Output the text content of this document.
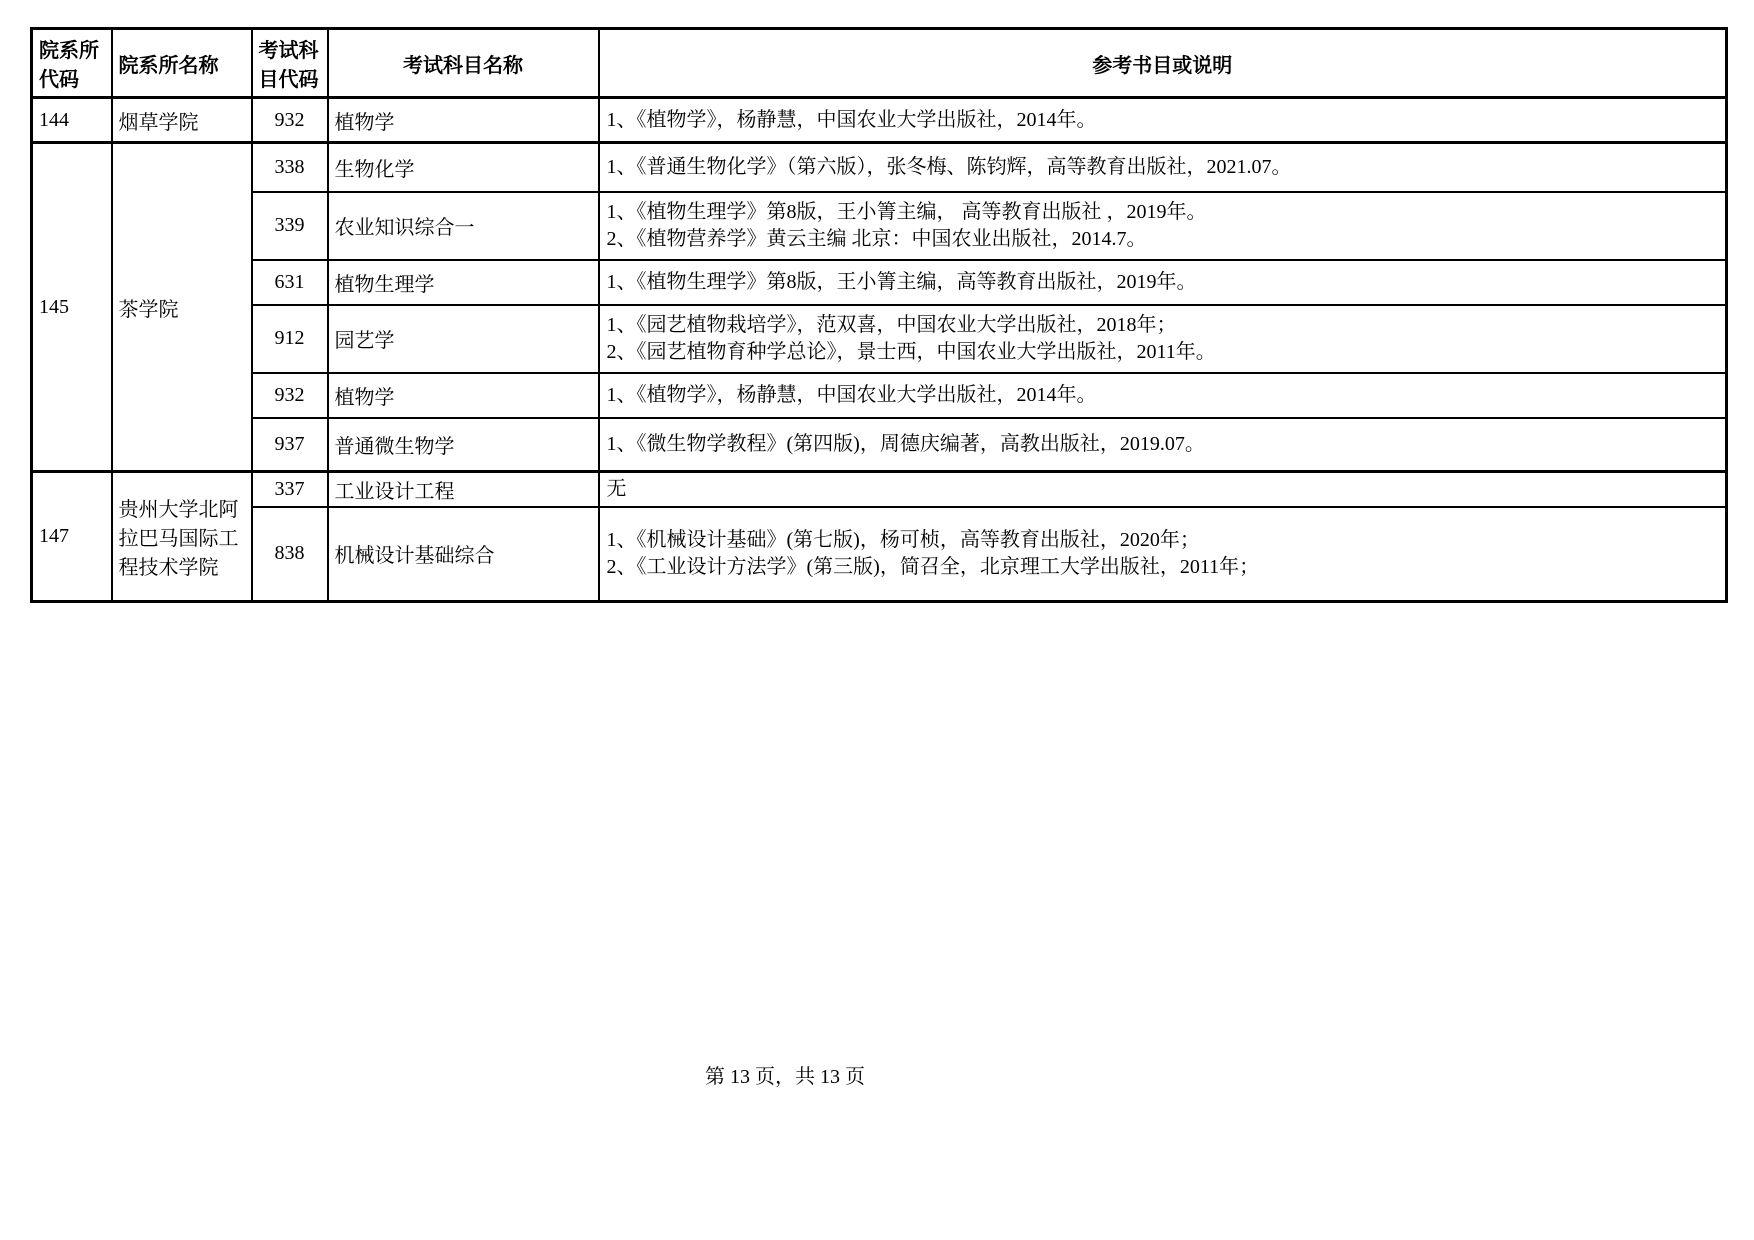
院系所代码	院系所名称	考试科目代码	考试科目名称	参考书目或说明
144	烟草学院	932	植物学	1、《植物学》，杨静慧，中国农业大学出版社，2014年。

145	茶学院	338	生物化学	1、《普通生物化学》（第六版），张冬梅、陈钧辉，高等教育出版社，2021.07。

		339	农业知识综合一	1、《植物生理学》第8版，王小箐主编， 高等教育出版社 ，2019年。
2、《植物营养学》黄云主编 北京：中国农业出版社，2014.7。

		631	植物生理学	1、《植物生理学》第8版，王小箐主编，高等教育出版社，2019年。

		912	园艺学	1、《园艺植物栽培学》，范双喜，中国农业大学出版社，2018年；
2、《园艺植物育种学总论》，景士西，中国农业大学出版社，2011年。

		932	植物学	1、《植物学》，杨静慧，中国农业大学出版社，2014年。

		937	普通微生物学	1、《微生物学教程》(第四版)，周德庆编著，高教出版社，2019.07。

147	贵州大学北阿拉巴马国际工程技术学院	337	工业设计工程	无

		838	机械设计基础综合	1、《机械设计基础》(第七版)，杨可桢，高等教育出版社，2020年；
2、《工业设计方法学》(第三版)，简召全，北京理工大学出版社，2011年；
第 13 页，共 13 页
